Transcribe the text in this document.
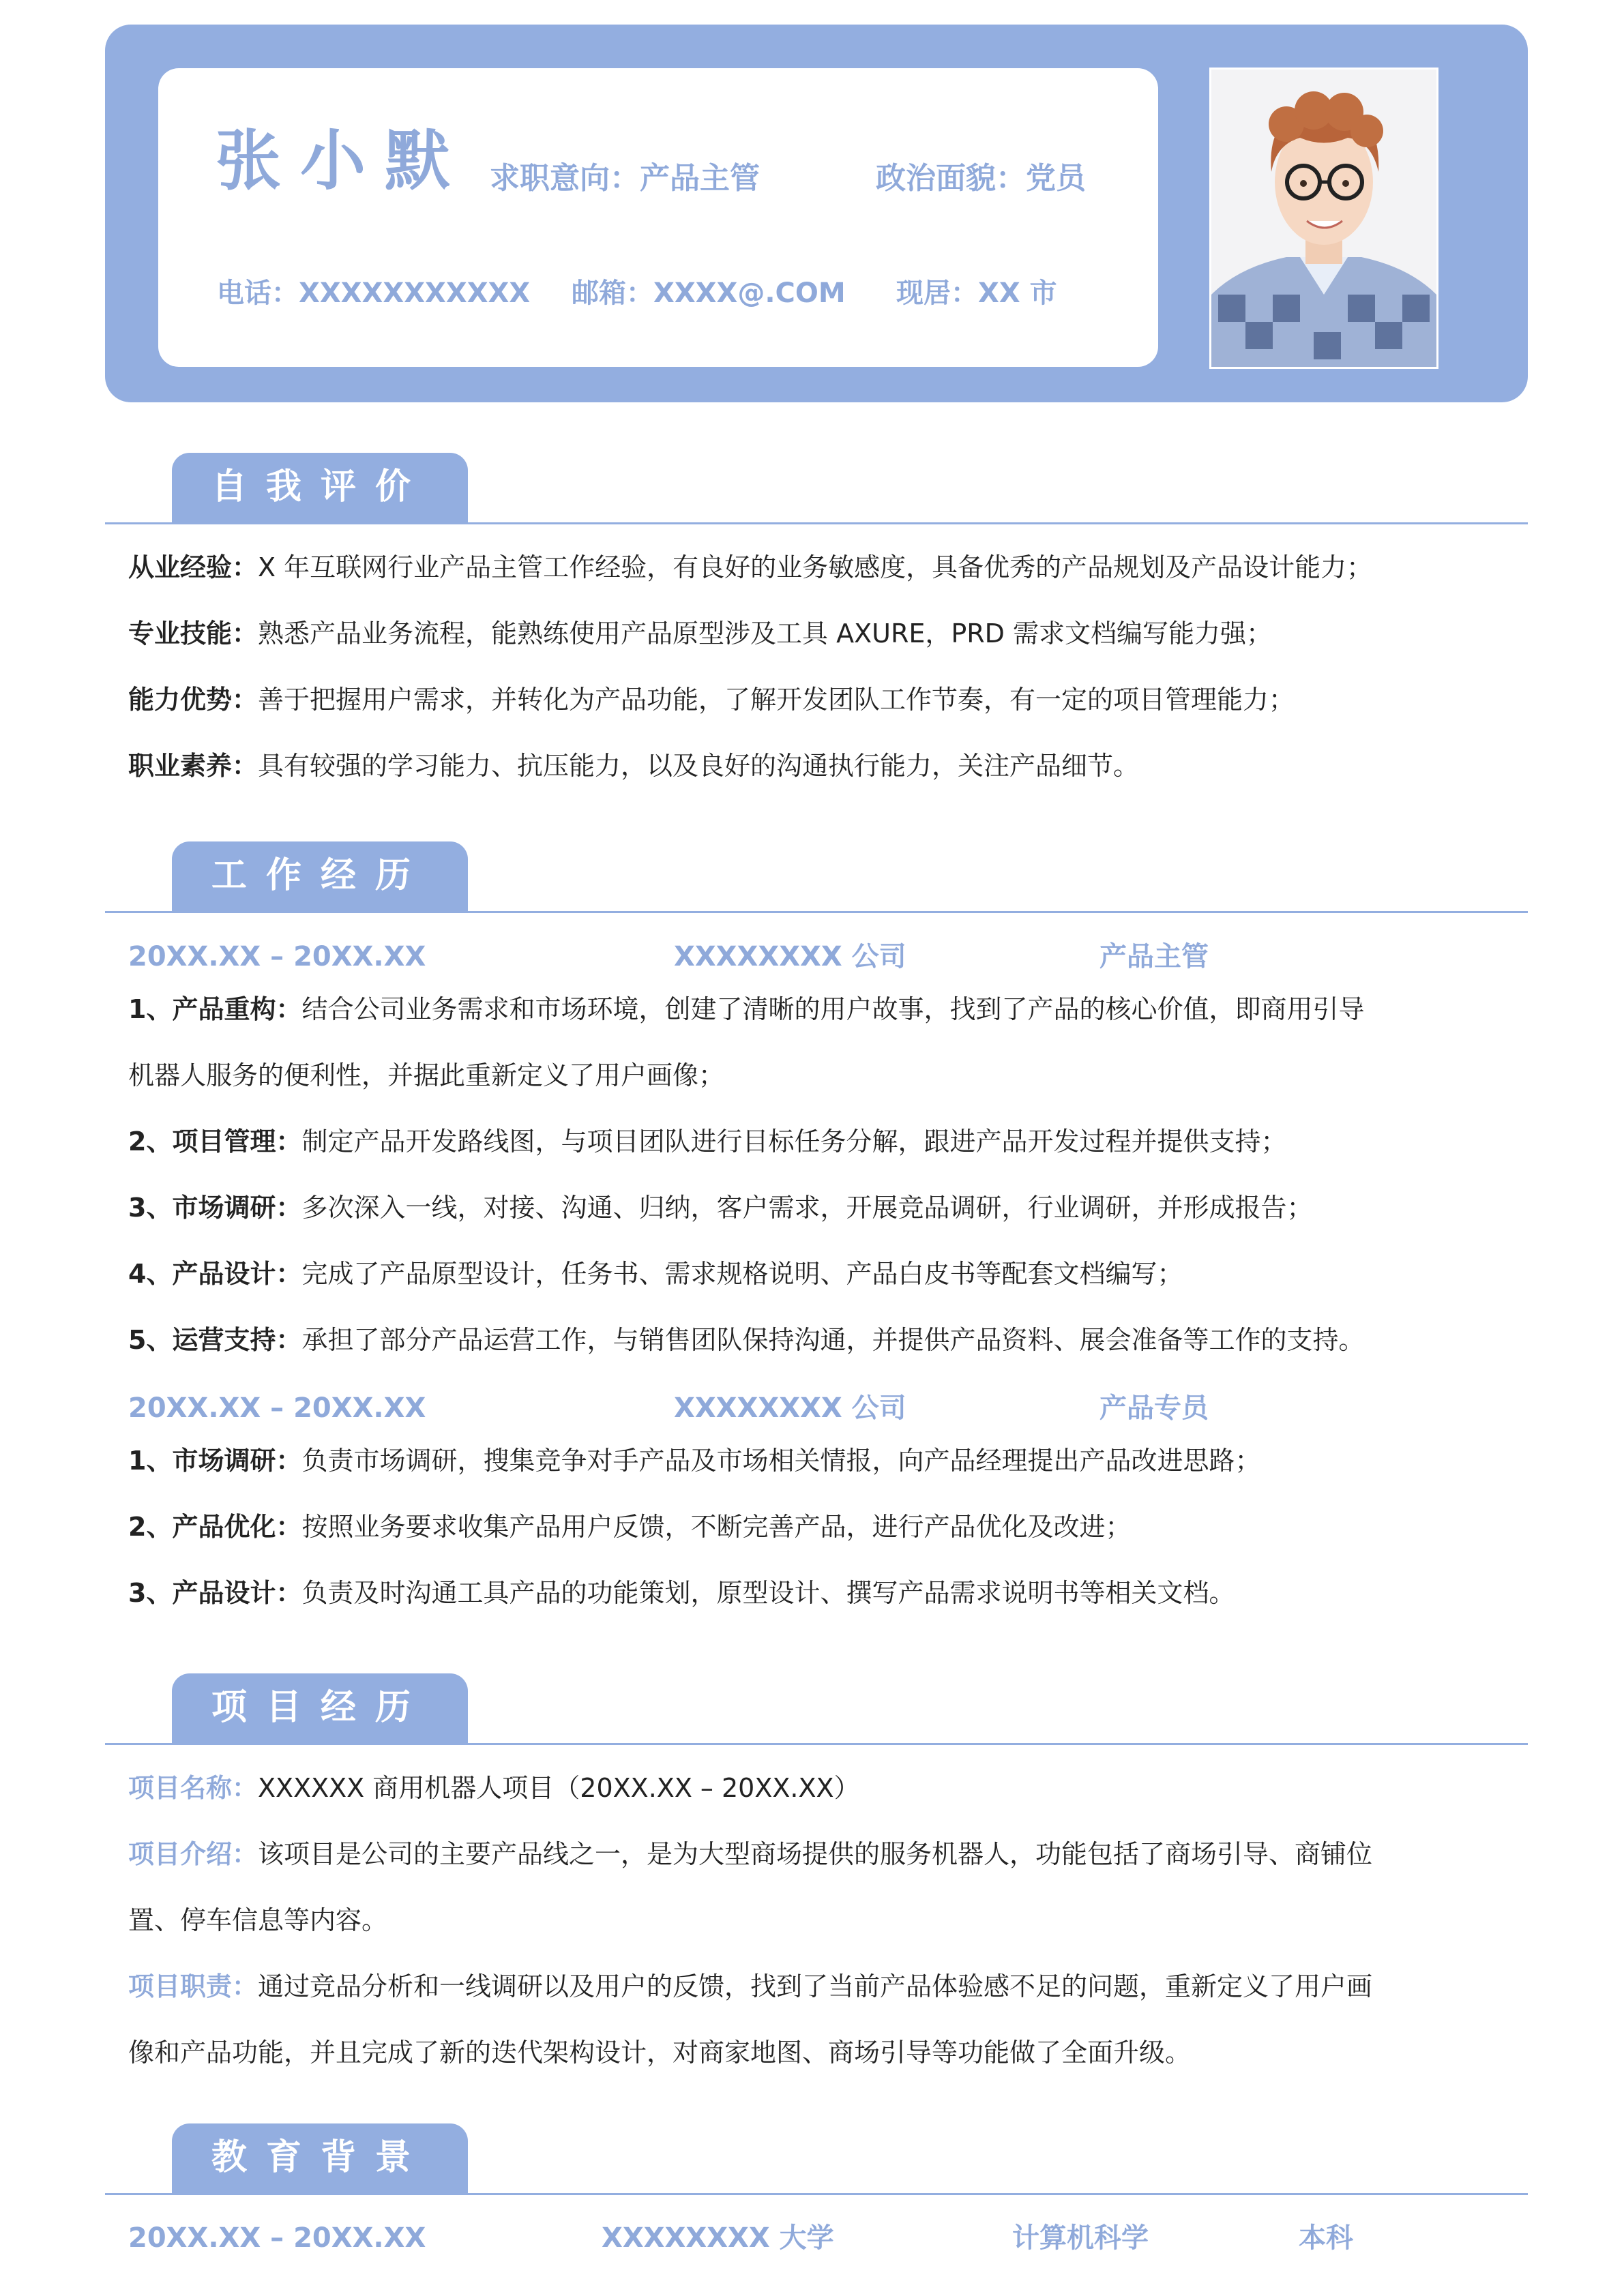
张小默 求职意向：产品主管	政治面貌：党员
电话：XXXXXXXXXXX 邮箱：XXXX@.COM 现居：XX 市
自我评价
从业经验：X 年互联网行业产品主管工作经验，有良好的业务敏感度，具备优秀的产品规划及产品设计能力；
专业技能：熟悉产品业务流程，能熟练使用产品原型涉及工具 AXURE，PRD 需求文档编写能力强；
能力优势：善于把握用户需求，并转化为产品功能，了解开发团队工作节奏，有一定的项目管理能力；
职业素养：具有较强的学习能力、抗压能力，以及良好的沟通执行能力，关注产品细节。
工作经历
20XX.XX – 20XX.XX	XXXXXXXX 公司	产品主管
1、产品重构：结合公司业务需求和市场环境，创建了清晰的用户故事，找到了产品的核心价值，即商用引导
机器人服务的便利性，并据此重新定义了用户画像；
2、项目管理：制定产品开发路线图，与项目团队进行目标任务分解，跟进产品开发过程并提供支持；
3、市场调研：多次深入一线，对接、沟通、归纳，客户需求，开展竞品调研，行业调研，并形成报告；
4、产品设计：完成了产品原型设计，任务书、需求规格说明、产品白皮书等配套文档编写；
5、运营支持：承担了部分产品运营工作，与销售团队保持沟通，并提供产品资料、展会准备等工作的支持。
20XX.XX – 20XX.XX	XXXXXXXX 公司	产品专员
1、市场调研：负责市场调研，搜集竞争对手产品及市场相关情报，向产品经理提出产品改进思路；
2、产品优化：按照业务要求收集产品用户反馈，不断完善产品，进行产品优化及改进；
3、产品设计：负责及时沟通工具产品的功能策划，原型设计、撰写产品需求说明书等相关文档。
项目经历
项目名称：XXXXXX 商用机器人项目（20XX.XX – 20XX.XX）
项目介绍：该项目是公司的主要产品线之一，是为大型商场提供的服务机器人，功能包括了商场引导、商铺位
置、停车信息等内容。
项目职责：通过竞品分析和一线调研以及用户的反馈，找到了当前产品体验感不足的问题，重新定义了用户画
像和产品功能，并且完成了新的迭代架构设计，对商家地图、商场引导等功能做了全面升级。
教育背景
20XX.XX – 20XX.XX	XXXXXXXX 大学	计算机科学	本科
